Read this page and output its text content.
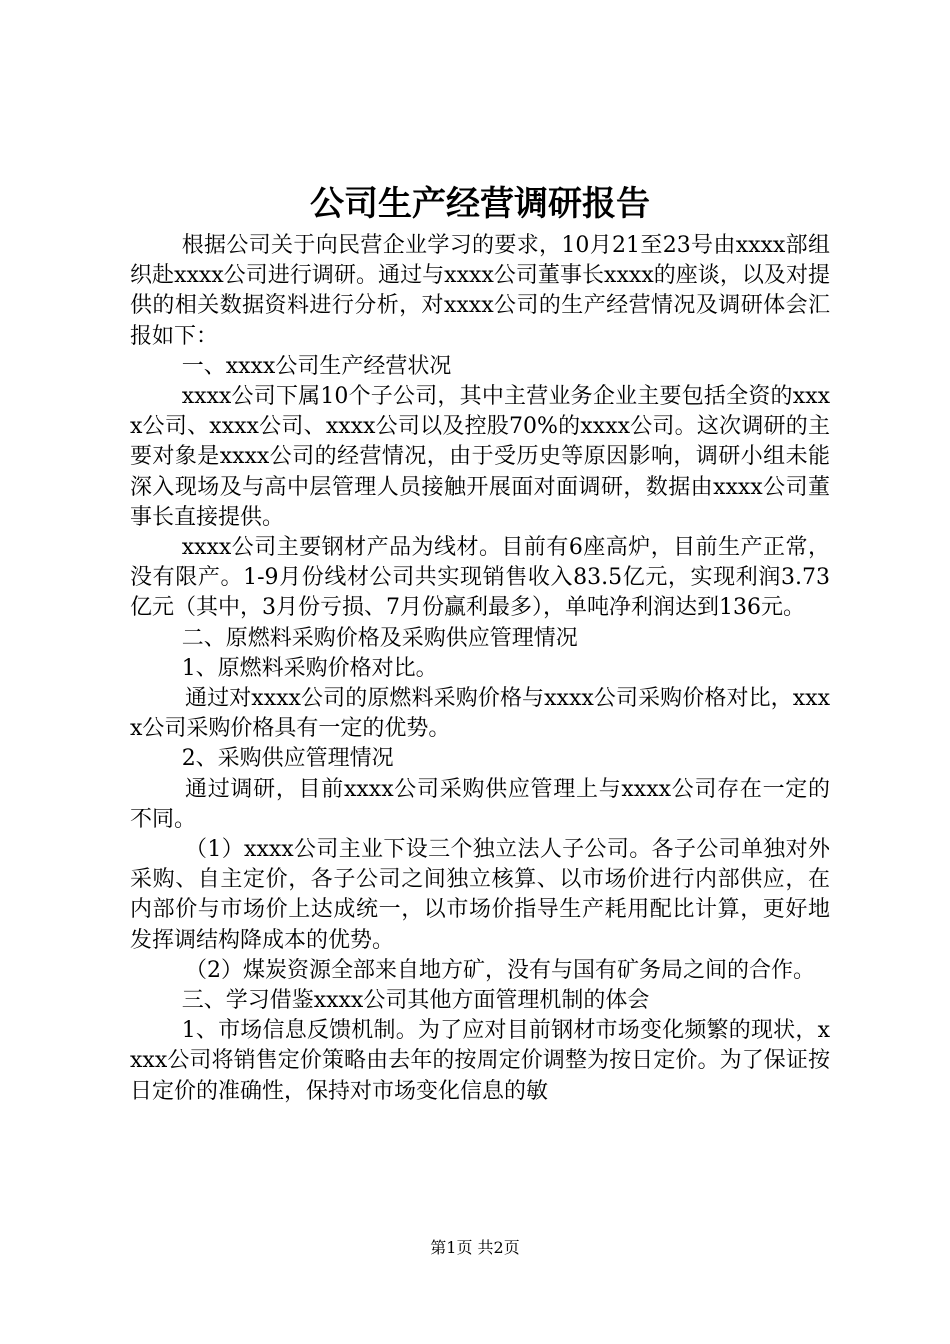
公司生产经营调研报告

根据公司关于向民营企业学习的要求，10月21至23号由xxxx部组织赴xxxx公司进行调研。通过与xxxx公司董事长xxxx的座谈，以及对提供的相关数据资料进行分析，对xxxx公司的生产经营情况及调研体会汇报如下：

一、xxxx公司生产经营状况

xxxx公司下属10个子公司，其中主营业务企业主要包括全资的xxxx公司、xxxx公司、xxxx公司以及控股70%的xxxx公司。这次调研的主要对象是xxxx公司的经营情况，由于受历史等原因影响，调研小组未能深入现场及与高中层管理人员接触开展面对面调研，数据由xxxx公司董事长直接提供。

xxxx公司主要钢材产品为线材。目前有6座高炉，目前生产正常，没有限产。1-9月份线材公司共实现销售收入83.5亿元，实现利润3.73亿元（其中，3月份亏损、7月份赢利最多），单吨净利润达到136元。

二、原燃料采购价格及采购供应管理情况

1、原燃料采购价格对比。

通过对xxxx公司的原燃料采购价格与xxxx公司采购价格对比，xxxx公司采购价格具有一定的优势。

2、采购供应管理情况

通过调研，目前xxxx公司采购供应管理上与xxxx公司存在一定的不同。

（1）xxxx公司主业下设三个独立法人子公司。各子公司单独对外采购、自主定价，各子公司之间独立核算、以市场价进行内部供应，在内部价与市场价上达成统一，以市场价指导生产耗用配比计算，更好地发挥调结构降成本的优势。

（2）煤炭资源全部来自地方矿，没有与国有矿务局之间的合作。

三、学习借鉴xxxx公司其他方面管理机制的体会

1、市场信息反馈机制。为了应对目前钢材市场变化频繁的现状，xxxx公司将销售定价策略由去年的按周定价调整为按日定价。为了保证按日定价的准确性，保持对市场变化信息的敏

第1页 共2页
